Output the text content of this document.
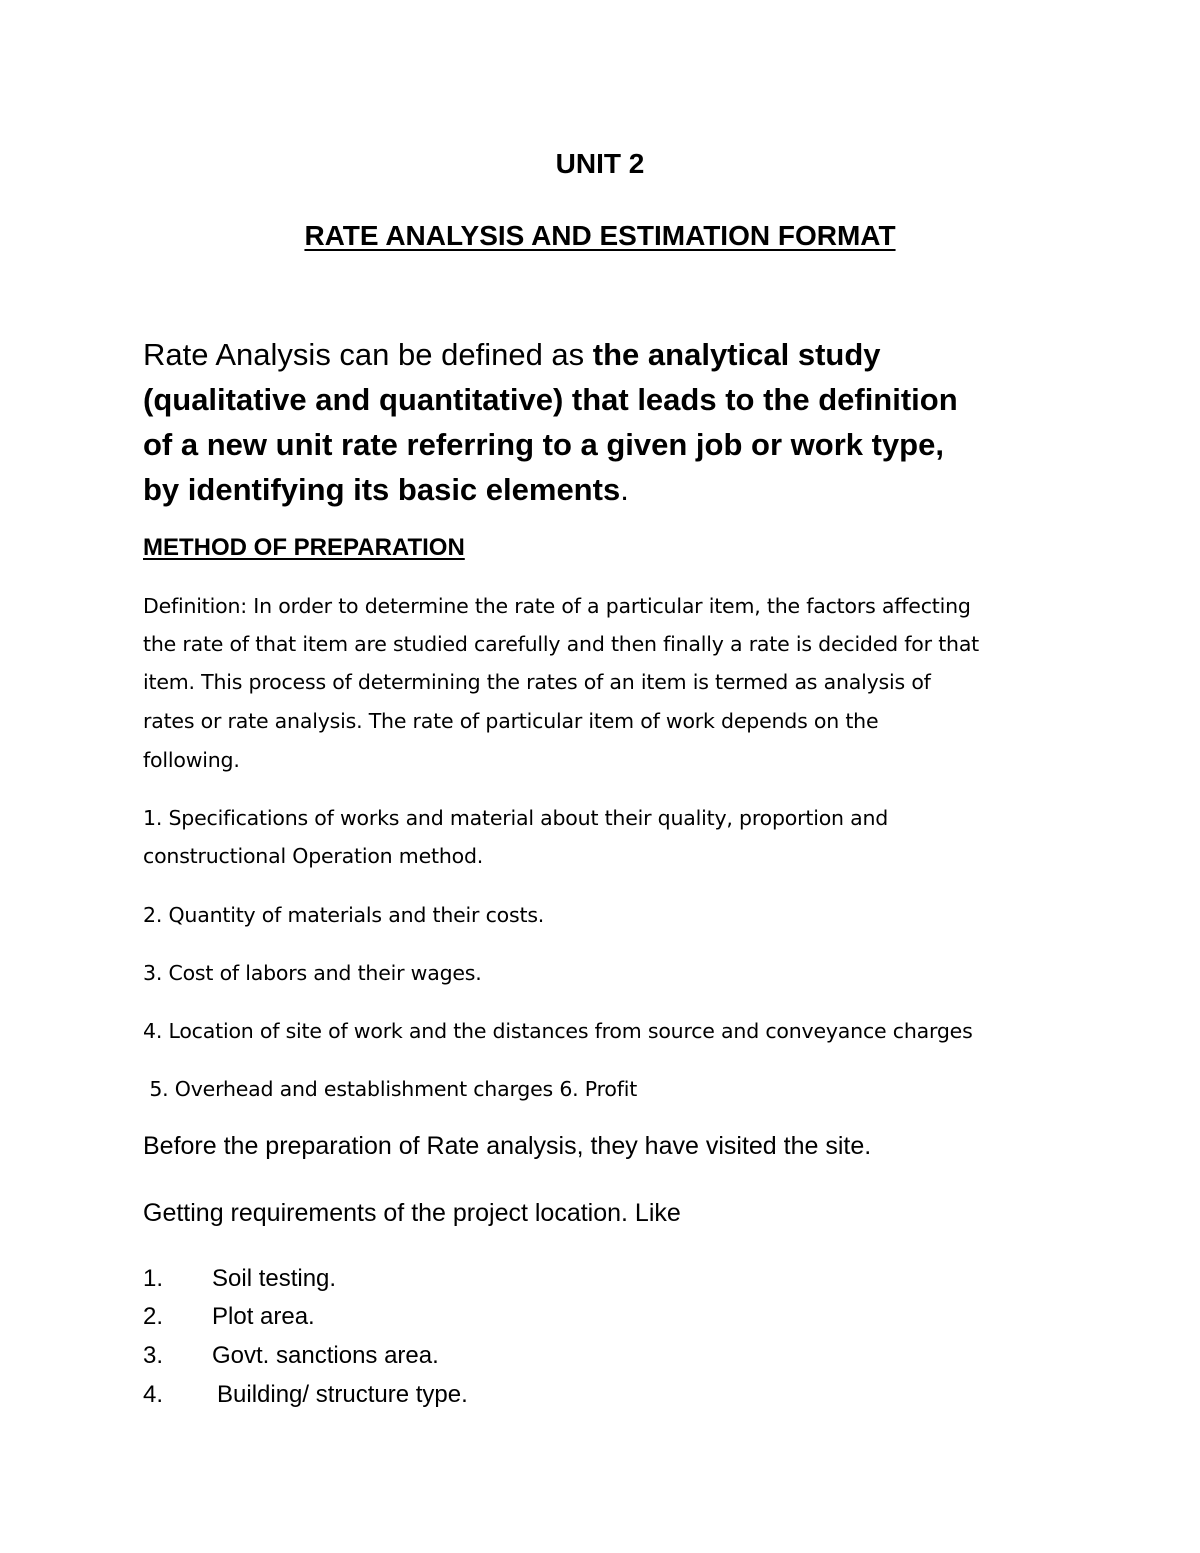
UNIT 2
RATE ANALYSIS AND ESTIMATION FORMAT
Rate Analysis can be defined as the analytical study
(qualitative and quantitative) that leads to the definition
of a new unit rate referring to a given job or work type,
by identifying its basic elements.
METHOD OF PREPARATION

Definition: In order to determine the rate of a particular item, the factors affecting

the rate of that item are studied carefully and then finally a rate is decided for that

item. This process of determining the rates of an item is termed as analysis of

rates or rate analysis. The rate of particular item of work depends on the

following.

1. Specifications of works and material about their quality, proportion and

constructional Operation method.

2. Quantity of materials and their costs.

3. Cost of labors and their wages.

4. Location of site of work and the distances from source and conveyance charges

5. Overhead and establishment charges 6. Profit

Before the preparation of Rate analysis, they have visited the site.

Getting requirements of the project location. Like

1. Soil testing.
2. Plot area.
3. Govt. sanctions area.
4. Building/ structure type.
